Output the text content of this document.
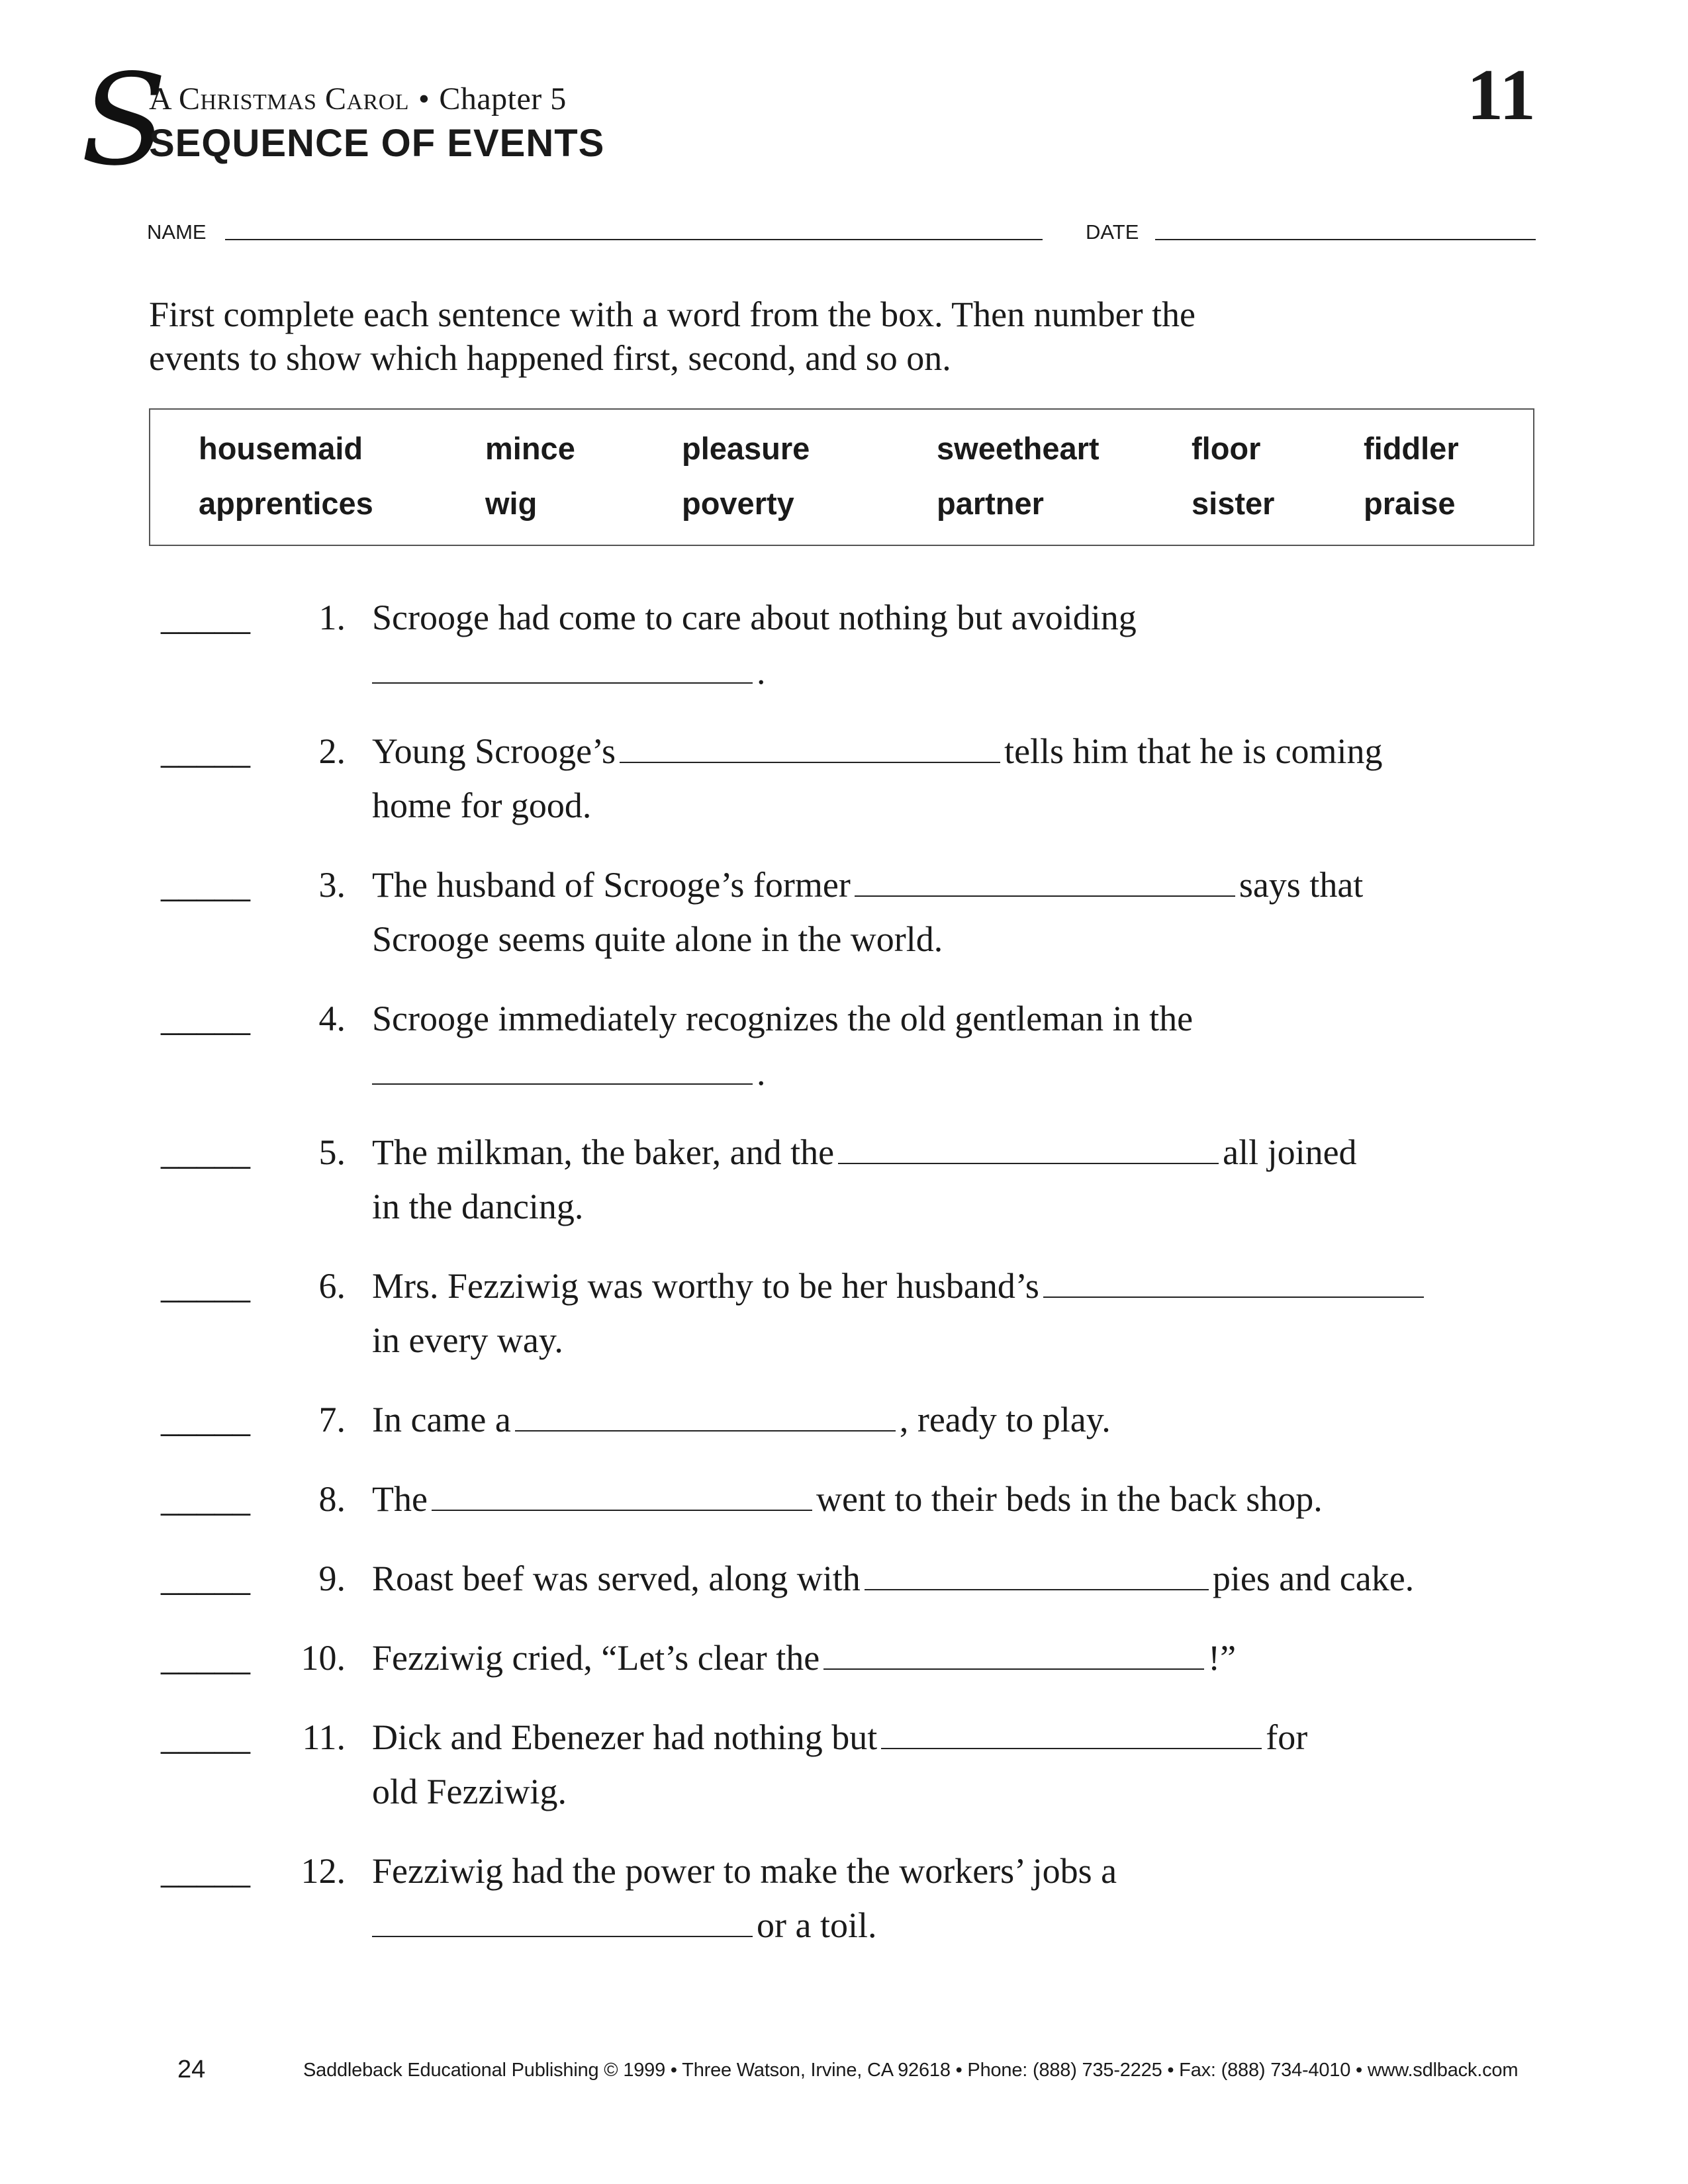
S
A Christmas Carol • Chapter 5
SEQUENCE OF EVENTS
11
NAME	DATE
First complete each sentence with a word from the box. Then number the
events to show which happened first, second, and so on.
housemaid	mince	pleasure	sweetheart	floor	fiddler
apprentices	wig	poverty	partner	sister	praise
_____ 1. Scrooge had come to care about nothing but avoiding
.
_____ 2. Young Scrooge’s	tells him that he is coming
home for good.
_____ 3. The husband of Scrooge’s former	says that
Scrooge seems quite alone in the world.
_____ 4. Scrooge immediately recognizes the old gentleman in the
.
_____ 5. The milkman, the baker, and the	all joined
in the dancing.
_____ 6. Mrs. Fezziwig was worthy to be her husband’s
in every way.
_____ 7. In came a	, ready to play.
_____ 8. The	went to their beds in the back shop.
_____ 9. Roast beef was served, along with	pies and cake.
_____ 10. Fezziwig cried, “Let’s clear the	!”
_____ 11. Dick and Ebenezer had nothing but	for
old Fezziwig.
_____ 12. Fezziwig had the power to make the workers’ jobs a
or a toil.
24	Saddleback Educational Publishing © 1999 • Three Watson, Irvine, CA 92618 • Phone: (888) 735-2225 • Fax: (888) 734-4010 • www.sdlback.com
